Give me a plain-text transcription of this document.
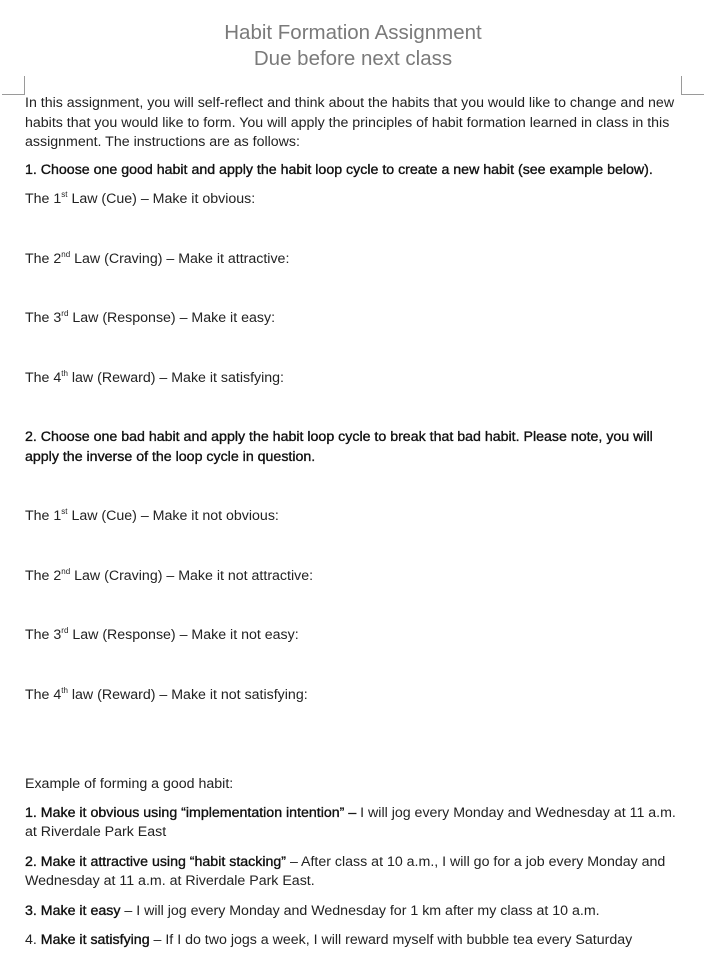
Habit Formation Assignment
Due before next class

In this assignment, you will self-reflect and think about the habits that you would like to change and new habits that you would like to form. You will apply the principles of habit formation learned in class in this assignment. The instructions are as follows:

1. Choose one good habit and apply the habit loop cycle to create a new habit (see example below).

The 1st Law (Cue) – Make it obvious:

The 2nd Law (Craving) – Make it attractive:

The 3rd Law (Response) – Make it easy:

The 4th law (Reward) – Make it satisfying:

2. Choose one bad habit and apply the habit loop cycle to break that bad habit. Please note, you will apply the inverse of the loop cycle in question.

The 1st Law (Cue) – Make it not obvious:

The 2nd Law (Craving) – Make it not attractive:

The 3rd Law (Response) – Make it not easy:

The 4th law (Reward) – Make it not satisfying:

Example of forming a good habit:

1. Make it obvious using “implementation intention” – I will jog every Monday and Wednesday at 11 a.m. at Riverdale Park East

2. Make it attractive using “habit stacking” – After class at 10 a.m., I will go for a job every Monday and Wednesday at 11 a.m. at Riverdale Park East.

3. Make it easy – I will jog every Monday and Wednesday for 1 km after my class at 10 a.m.

4. Make it satisfying – If I do two jogs a week, I will reward myself with bubble tea every Saturday
